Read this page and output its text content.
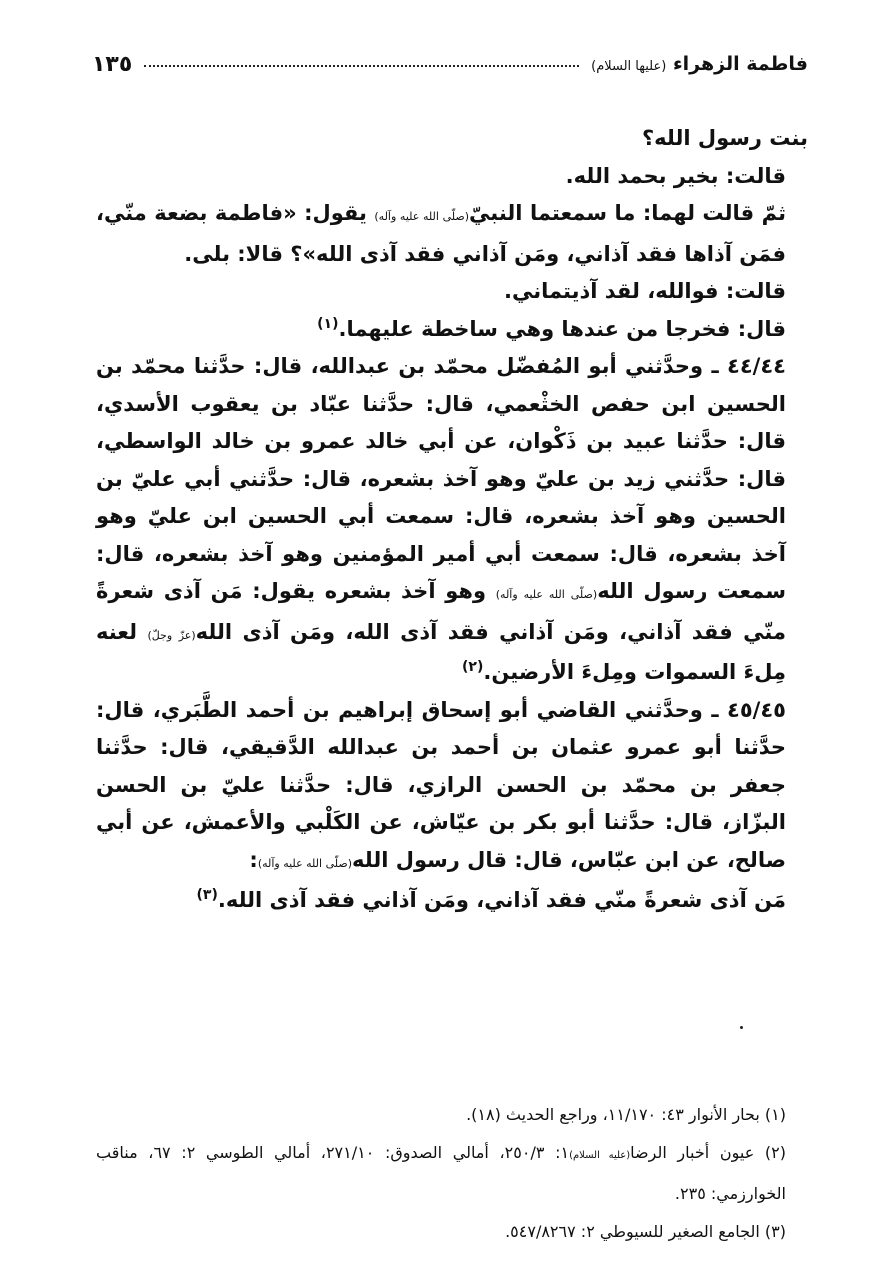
فاطمة الزهراء (عليها السلام)
١٣٥

بنت رسول الله؟

قالت: بخير بحمد الله.

ثمّ قالت لهما: ما سمعتما النبيّ(صلّى الله عليه وآله) يقول: «فاطمة بضعة منّي، فمَن آذاها فقد آذاني، ومَن آذاني فقد آذى الله»؟ قالا: بلى.

قالت: فوالله، لقد آذيتماني.

قال: فخرجا من عندها وهي ساخطة عليهما.$^{(١)}$

٤٤/٤٤ ـ وحدَّثني أبو المُفضّل محمّد بن عبدالله، قال: حدَّثنا محمّد بن الحسين ابن حفص الخثْعمي، قال: حدَّثنا عبّاد بن يعقوب الأسدي، قال: حدَّثنا عبيد بن ذَكْوان، عن أبي خالد عمرو بن خالد الواسطي، قال: حدَّثني زيد بن عليّ وهو آخذ بشعره، قال: حدَّثني أبي عليّ بن الحسين وهو آخذ بشعره، قال: سمعت أبي الحسين ابن عليّ وهو آخذ بشعره، قال: سمعت أبي أمير المؤمنين وهو آخذ بشعره، قال: سمعت رسول الله(صلّى الله عليه وآله) وهو آخذ بشعره يقول: مَن آذى شعرةً منّي فقد آذاني، ومَن آذاني فقد آذى الله، ومَن آذى الله(عزّ وجلّ) لعنه مِلءَ السموات ومِلءَ الأرضين.$^{(٢)}$

٤٥/٤٥ ـ وحدَّثني القاضي أبو إسحاق إبراهيم بن أحمد الطَّبَري، قال: حدَّثنا أبو عمرو عثمان بن أحمد بن عبدالله الدَّقيقي، قال: حدَّثنا جعفر بن محمّد بن الحسن الرازي، قال: حدَّثنا عليّ بن الحسن البزّاز، قال: حدَّثنا أبو بكر بن عيّاش، عن الكَلْبي والأعمش، عن أبي صالح، عن ابن عبّاس، قال: قال رسول الله(صلّى الله عليه وآله):

مَن آذى شعرةً منّي فقد آذاني، ومَن آذاني فقد آذى الله.$^{(٣)}$

(١) بحار الأنوار ٤٣: ١١/١٧٠، وراجع الحديث (١٨).

(٢) عيون أخبار الرضا(عليه السلام)١: ٢٥٠/٣، أمالي الصدوق: ٢٧١/١٠، أمالي الطوسي ٢: ٦٧، مناقب الخوارزمي: ٢٣٥.

(٣) الجامع الصغير للسيوطي ٢: ٥٤٧/٨٢٦٧.
